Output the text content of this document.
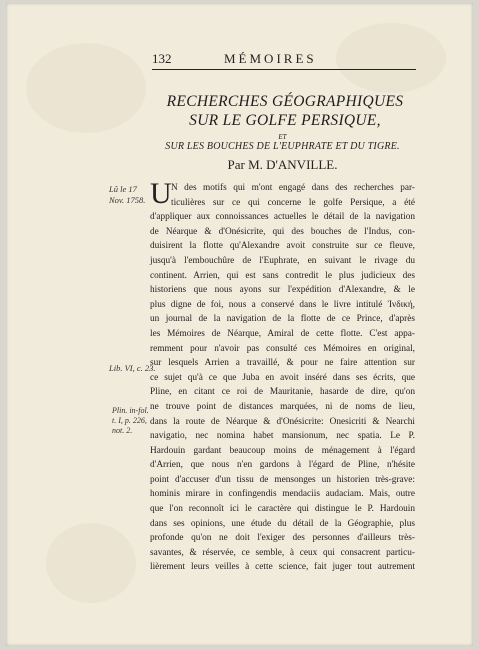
132	MÉMOIRES
RECHERCHES GÉOGRAPHIQUES
SUR LE GOLFE PERSIQUE,
ET
SUR LES BOUCHES DE L'EUPHRATE ET DU TIGRE.
Par M. D'ANVILLE.
Lû le 17
Nov. 1758.
Lib. VI, c. 23.
Plin. in-fol.
t. I, p. 226,
not. 2.
U N des motifs qui m'ont engagé dans des recherches par-
ticulières sur ce qui concerne le golfe Persique, a été
d'appliquer aux connoissances actuelles le détail de la navigation
de Néarque & d'Onésicrite, qui des bouches de l'Indus, con-
duisirent la flotte qu'Alexandre avoit construite sur ce fleuve,
jusqu'à l'embouchûre de l'Euphrate, en suivant le rivage du
continent. Arrien, qui est sans contredit le plus judicieux des
historiens que nous ayons sur l'expédition d'Alexandre, & le
plus digne de foi, nous a conservé dans le livre intitulé Ἰνδική,
un journal de la navigation de la flotte de ce Prince, d'après
les Mémoires de Néarque, Amiral de cette flotte. C'est appa-
remment pour n'avoir pas consulté ces Mémoires en original,
sur lesquels Arrien a travaillé, & pour ne faire attention sur
ce sujet qu'à ce que Juba en avoit inséré dans ses écrits, que
Pline, en citant ce roi de Mauritanie, hasarde de dire, qu'on
ne trouve point de distances marquées, ni de noms de lieu,
dans la route de Néarque & d'Onésicrite: Onesicriti & Nearchi
navigatio, nec nomina habet mansionum, nec spatia. Le P.
Hardouin gardant beaucoup moins de ménagement à l'égard
d'Arrien, que nous n'en gardons à l'égard de Pline, n'hésite
point d'accuser d'un tissu de mensonges un historien très-grave:
hominis mirare in confingendis mendaciis audaciam. Mais, outre
que l'on reconnoît ici le caractère qui distingue le P. Hardouin
dans ses opinions, une étude du détail de la Géographie, plus
profonde qu'on ne doit l'exiger des personnes d'ailleurs très-
savantes, & réservée, ce semble, à ceux qui consacrent particu-
lièrement leurs veilles à cette science, fait juger tout autrement
